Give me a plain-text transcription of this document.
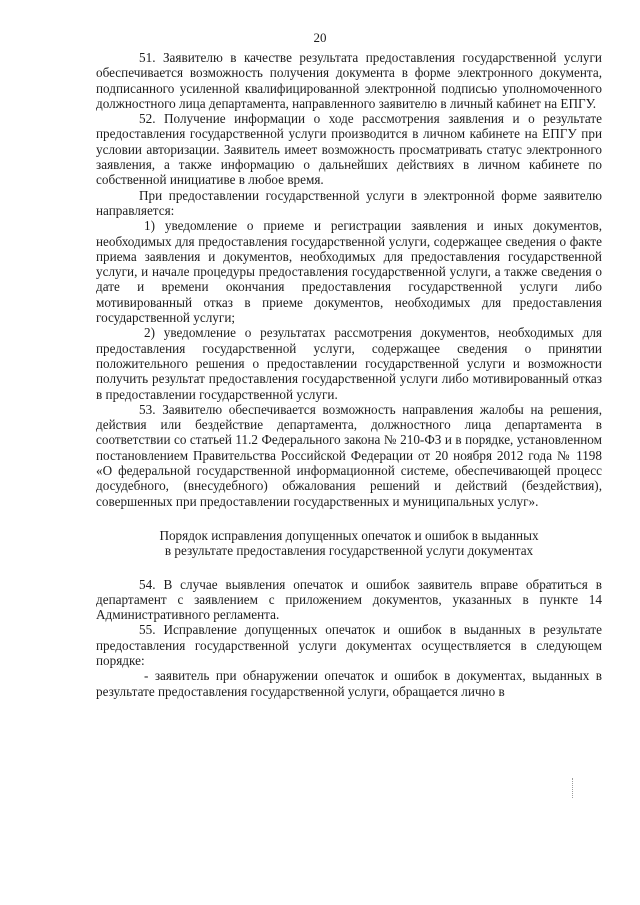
20

51. Заявителю в качестве результата предоставления государственной услуги обеспечивается возможность получения документа в форме электронного документа, подписанного усиленной квалифицированной электронной подписью уполномоченного должностного лица департамента, направленного заявителю в личный кабинет на ЕПГУ.

52. Получение информации о ходе рассмотрения заявления и о результате предоставления государственной услуги производится в личном кабинете на ЕПГУ при условии авторизации. Заявитель имеет возможность просматривать статус электронного заявления, а также информацию о дальнейших действиях в личном кабинете по собственной инициативе в любое время.

При предоставлении государственной услуги в электронной форме заявителю направляется:

1) уведомление о приеме и регистрации заявления и иных документов, необходимых для предоставления государственной услуги, содержащее сведения о факте приема заявления и документов, необходимых для предоставления государственной услуги, и начале процедуры предоставления государственной услуги, а также сведения о дате и времени окончания предоставления государственной услуги либо мотивированный отказ в приеме документов, необходимых для предоставления государственной услуги;

2) уведомление о результатах рассмотрения документов, необходимых для предоставления государственной услуги, содержащее сведения о принятии положительного решения о предоставлении государственной услуги и возможности получить результат предоставления государственной услуги либо мотивированный отказ в предоставлении государственной услуги.

53. Заявителю обеспечивается возможность направления жалобы на решения, действия или бездействие департамента, должностного лица департамента в соответствии со статьей 11.2 Федерального закона № 210-ФЗ и в порядке, установленном постановлением Правительства Российской Федерации от 20 ноября 2012 года № 1198 «О федеральной государственной информационной системе, обеспечивающей процесс досудебного, (внесудебного) обжалования решений и действий (бездействия), совершенных при предоставлении государственных и муниципальных услуг».

Порядок исправления допущенных опечаток и ошибок в выданных
в результате предоставления государственной услуги документах

54. В случае выявления опечаток и ошибок заявитель вправе обратиться в департамент с заявлением с приложением документов, указанных в пункте 14 Административного регламента.

55. Исправление допущенных опечаток и ошибок в выданных в результате предоставления государственной услуги документах осуществляется в следующем порядке:

- заявитель при обнаружении опечаток и ошибок в документах, выданных в результате предоставления государственной услуги, обращается лично в
